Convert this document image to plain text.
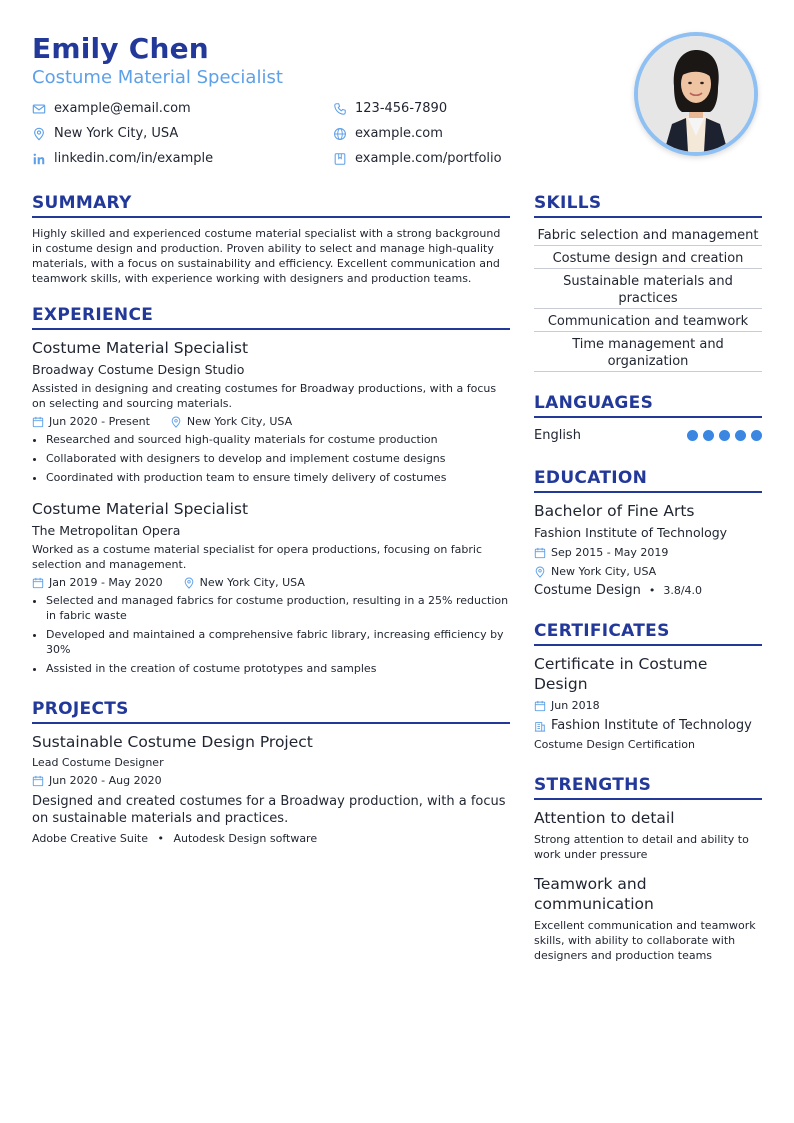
Emily Chen
Costume Material Specialist
example@email.com	123-456-7890
New York City, USA	example.com
linkedin.com/in/example	example.com/portfolio
SUMMARY
Highly skilled and experienced costume material specialist with a strong background in costume design and production. Proven ability to select and manage high-quality materials, with a focus on sustainability and efficiency. Excellent communication and teamwork skills, with experience working with designers and production teams.
EXPERIENCE
Costume Material Specialist
Broadway Costume Design Studio
Assisted in designing and creating costumes for Broadway productions, with a focus on selecting and sourcing materials.
Jun 2020 - Present	New York City, USA
• Researched and sourced high-quality materials for costume production
• Collaborated with designers to develop and implement costume designs
• Coordinated with production team to ensure timely delivery of costumes
Costume Material Specialist
The Metropolitan Opera
Worked as a costume material specialist for opera productions, focusing on fabric selection and management.
Jan 2019 - May 2020	New York City, USA
• Selected and managed fabrics for costume production, resulting in a 25% reduction in fabric waste
• Developed and maintained a comprehensive fabric library, increasing efficiency by 30%
• Assisted in the creation of costume prototypes and samples
PROJECTS
Sustainable Costume Design Project
Lead Costume Designer
Jun 2020 - Aug 2020
Designed and created costumes for a Broadway production, with a focus on sustainable materials and practices.
Adobe Creative Suite • Autodesk Design software
SKILLS
Fabric selection and management
Costume design and creation
Sustainable materials and practices
Communication and teamwork
Time management and organization
LANGUAGES
English
EDUCATION
Bachelor of Fine Arts
Fashion Institute of Technology
Sep 2015 - May 2019
New York City, USA
Costume Design • 3.8/4.0
CERTIFICATES
Certificate in Costume Design
Jun 2018
Fashion Institute of Technology
Costume Design Certification
STRENGTHS
Attention to detail
Strong attention to detail and ability to work under pressure
Teamwork and communication
Excellent communication and teamwork skills, with ability to collaborate with designers and production teams
